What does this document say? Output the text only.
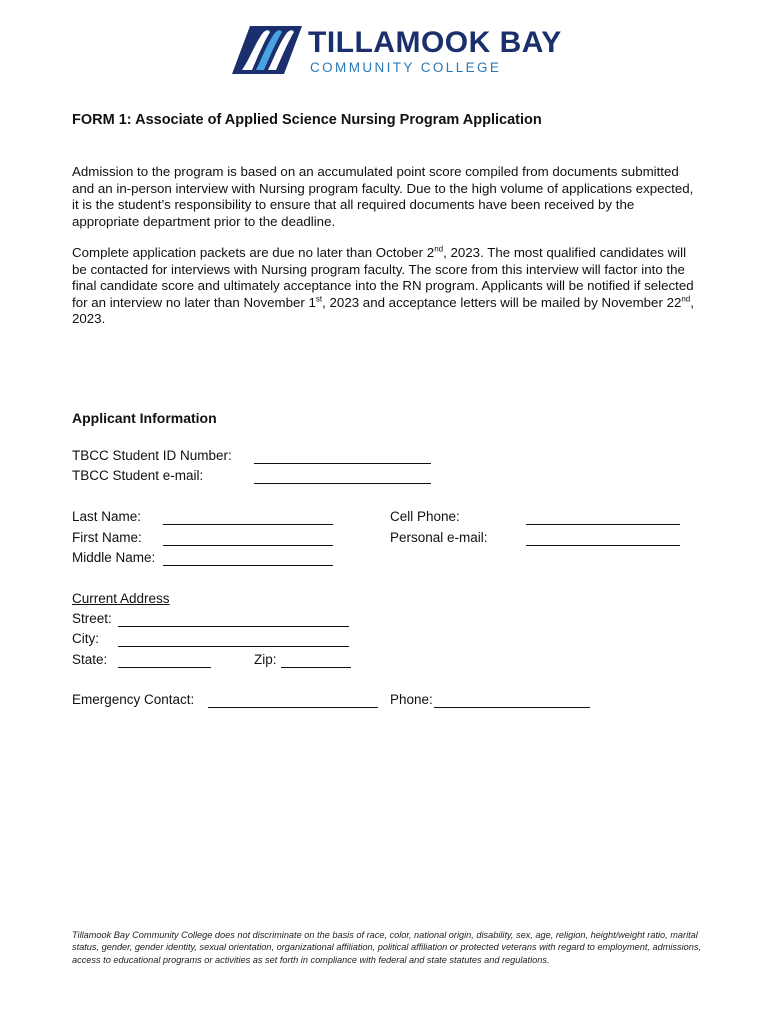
TILLAMOOK BAY
COMMUNITY COLLEGE
FORM 1: Associate of Applied Science Nursing Program Application

Admission to the program is based on an accumulated point score compiled from documents submitted and an in-person interview with Nursing program faculty. Due to the high volume of applications expected, it is the student’s responsibility to ensure that all required documents have been received by the appropriate department prior to the deadline.

Complete application packets are due no later than October 2nd, 2023. The most qualified candidates will be contacted for interviews with Nursing program faculty. The score from this interview will factor into the final candidate score and ultimately acceptance into the RN program. Applicants will be notified if selected for an interview no later than November 1st, 2023 and acceptance letters will be mailed by November 22nd, 2023.

Applicant Information
TBCC Student ID Number:
TBCC Student e-mail:
Last Name:
First Name:
Middle Name:
Cell Phone:
Personal e-mail:
Current Address
Street:
City:
State:	Zip:
Emergency Contact:	Phone:
Tillamook Bay Community College does not discriminate on the basis of race, color, national origin, disability, sex, age, religion, height/weight ratio, marital status, gender, gender identity, sexual orientation, organizational affiliation, political affiliation or protected veterans with regard to employment, admissions, access to educational programs or activities as set forth in compliance with federal and state statutes and regulations.
